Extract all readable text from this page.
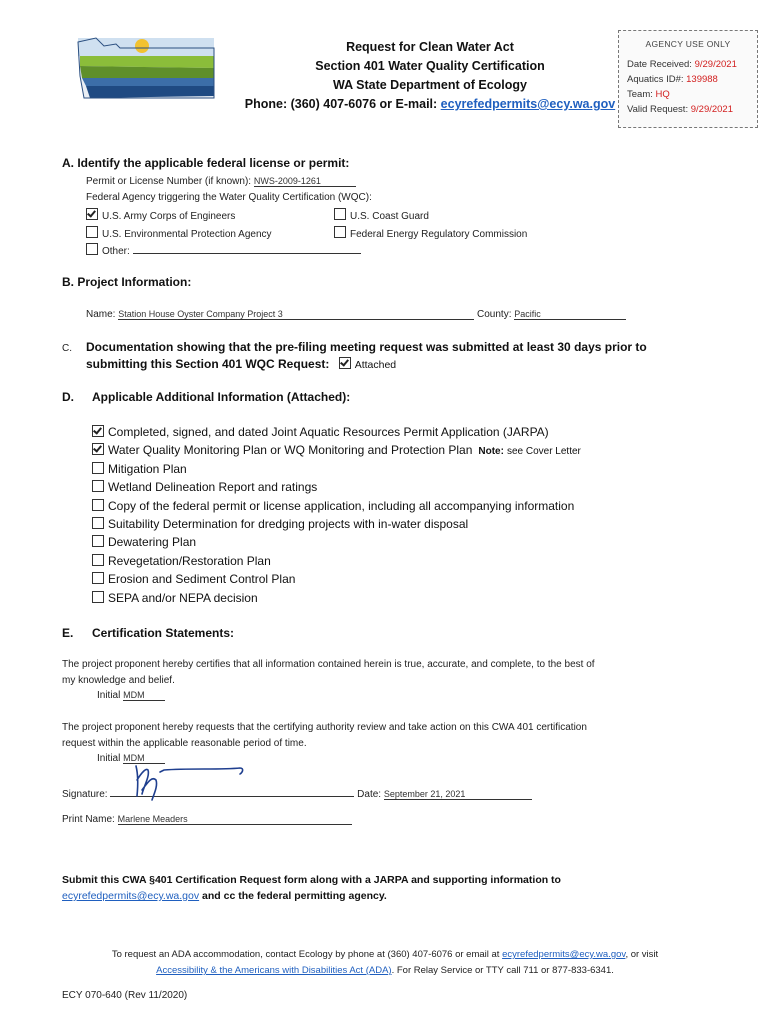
Request for Clean Water Act
Section 401 Water Quality Certification
WA State Department of Ecology
Phone: (360) 407-6076 or E-mail: ecyrefedpermits@ecy.wa.gov
AGENCY USE ONLY
Date Received: 9/29/2021
Aquatics ID#: 139988
Team: HQ
Valid Request: 9/29/2021
A. Identify the applicable federal license or permit:
Permit or License Number (if known): NWS-2009-1261
Federal Agency triggering the Water Quality Certification (WQC):
U.S. Army Corps of Engineers	U.S. Coast Guard
U.S. Environmental Protection Agency	Federal Energy Regulatory Commission
Other:
B. Project Information:
Name: Station House Oyster Company Project 3	County: Pacific
C. Documentation showing that the pre-filing meeting request was submitted at least 30 days prior to
submitting this Section 401 WQC Request: Attached
D. Applicable Additional Information (Attached):
Completed, signed, and dated Joint Aquatic Resources Permit Application (JARPA)
Water Quality Monitoring Plan or WQ Monitoring and Protection Plan Note: see Cover Letter
Mitigation Plan
Wetland Delineation Report and ratings
Copy of the federal permit or license application, including all accompanying information
Suitability Determination for dredging projects with in-water disposal
Dewatering Plan
Revegetation/Restoration Plan
Erosion and Sediment Control Plan
SEPA and/or NEPA decision
E. Certification Statements:
The project proponent hereby certifies that all information contained herein is true, accurate, and complete, to the best of
my knowledge and belief.
Initial MDM
The project proponent hereby requests that the certifying authority review and take action on this CWA 401 certification
request within the applicable reasonable period of time.
Initial MDM
Signature:	Date: September 21, 2021
Print Name: Marlene Meaders
Submit this CWA §401 Certification Request form along with a JARPA and supporting information to
ecyrefedpermits@ecy.wa.gov and cc the federal permitting agency.
To request an ADA accommodation, contact Ecology by phone at (360) 407-6076 or email at ecyrefedpermits@ecy.wa.gov, or visit
Accessibility & the Americans with Disabilities Act (ADA). For Relay Service or TTY call 711 or 877-833-6341.
ECY 070-640 (Rev 11/2020)
